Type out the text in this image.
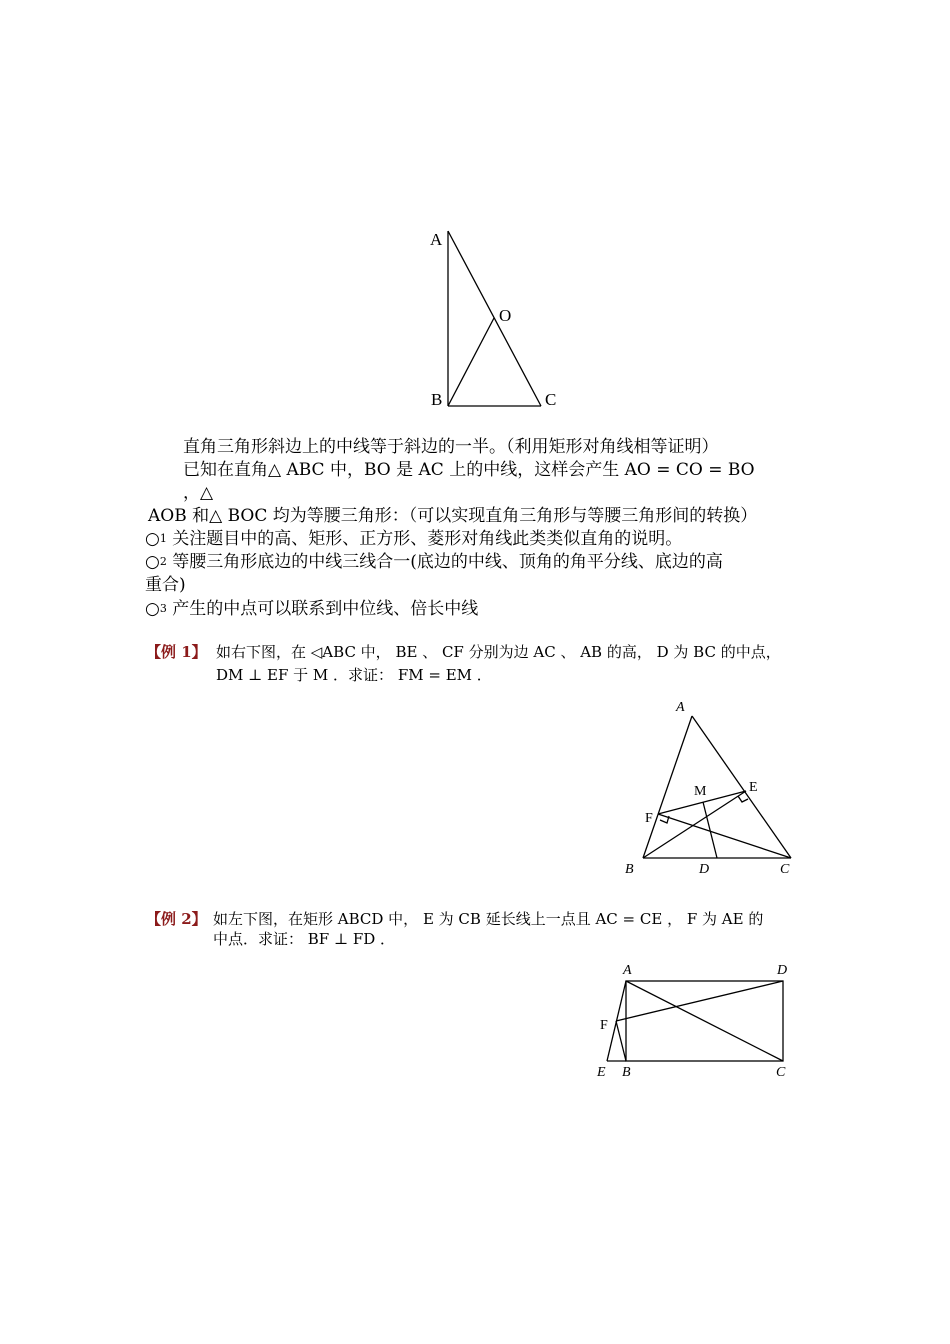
A
O
B	C
直角三角形斜边上的中线等于斜边的一半。（利用矩形对角线相等证明）
已知在直角△ ABC 中，BO 是 AC 上的中线，这样会产生 AO = CO = BO
，△
AOB 和△ BOC 均为等腰三角形：（可以实现直角三角形与等腰三角形间的转换）
○1 关注题目中的高、矩形、正方形、菱形对角线此类类似直角的说明。
○2 等腰三角形底边的中线三线合一(底边的中线、顶角的角平分线、底边的高
重合)
○3 产生的中点可以联系到中位线、倍长中线
【例 1】 如右下图，在 ◁ABC 中， BE 、 CF 分别为边 AC 、 AB 的高， D 为 BC 的中点，
DM ⊥ EF 于 M ．求证： FM = EM ．
A
M	E
F
B	D	C
【例 2】 如左下图，在矩形 ABCD 中， E 为 CB 延长线上一点且 AC = CE ， F 为 AE 的
中点．求证： BF ⊥ FD ．
A	D
F
E B	C
